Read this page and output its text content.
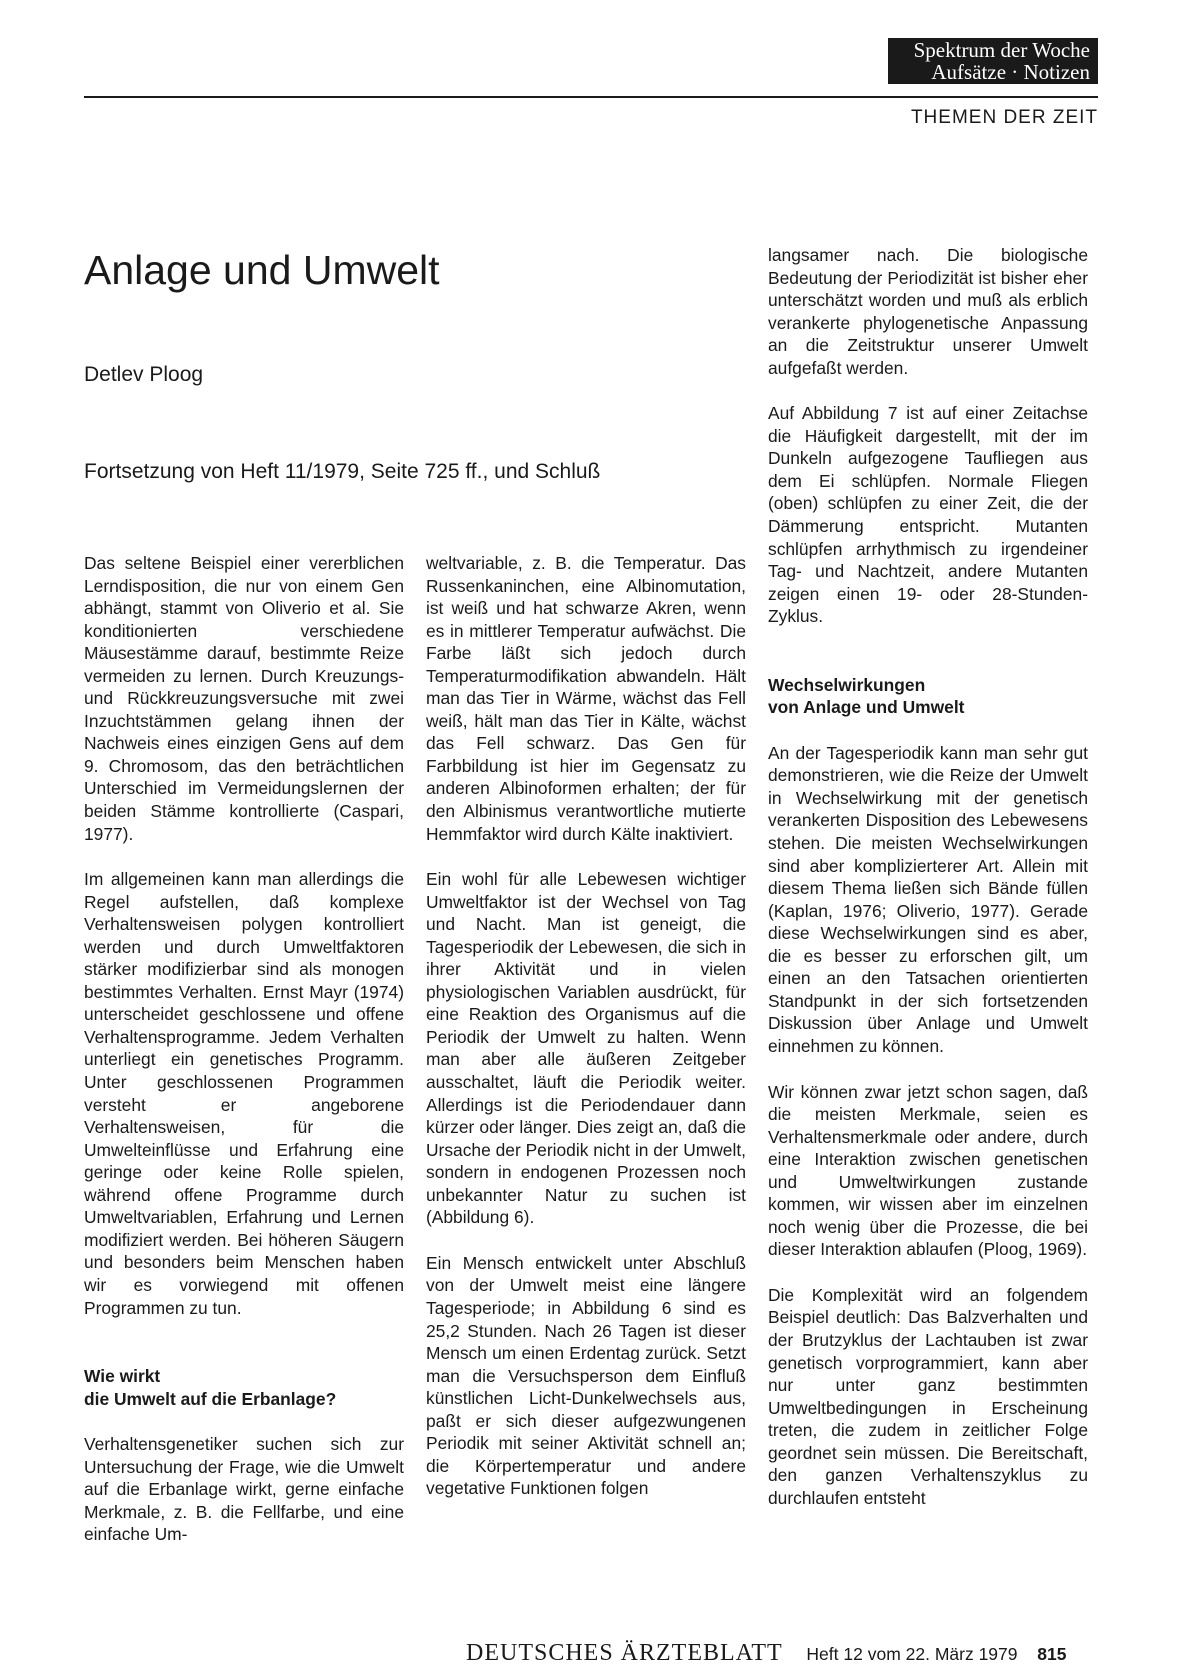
Spektrum der Woche
Aufsätze · Notizen
THEMEN DER ZEIT
Anlage und Umwelt
Detlev Ploog
Fortsetzung von Heft 11/1979, Seite 725 ff., und Schluß

Das seltene Beispiel einer vererblichen Lerndisposition, die nur von einem Gen abhängt, stammt von Oliverio et al. Sie konditionierten verschiedene Mäusestämme darauf, bestimmte Reize vermeiden zu lernen. Durch Kreuzungs- und Rückkreuzungsversuche mit zwei Inzuchtstämmen gelang ihnen der Nachweis eines einzigen Gens auf dem 9. Chromosom, das den beträchtlichen Unterschied im Vermeidungslernen der beiden Stämme kontrollierte (Caspari, 1977).

Im allgemeinen kann man allerdings die Regel aufstellen, daß komplexe Verhaltensweisen polygen kontrolliert werden und durch Umweltfaktoren stärker modifizierbar sind als monogen bestimmtes Verhalten. Ernst Mayr (1974) unterscheidet geschlossene und offene Verhaltensprogramme. Jedem Verhalten unterliegt ein genetisches Programm. Unter geschlossenen Programmen versteht er angeborene Verhaltensweisen, für die Umwelteinflüsse und Erfahrung eine geringe oder keine Rolle spielen, während offene Programme durch Umweltvariablen, Erfahrung und Lernen modifiziert werden. Bei höheren Säugern und besonders beim Menschen haben wir es vorwiegend mit offenen Programmen zu tun.

Wie wirkt
die Umwelt auf die Erbanlage?

Verhaltensgenetiker suchen sich zur Untersuchung der Frage, wie die Umwelt auf die Erbanlage wirkt, gerne einfache Merkmale, z. B. die Fellfarbe, und eine einfache Um-

weltvariable, z. B. die Temperatur. Das Russenkaninchen, eine Albinomutation, ist weiß und hat schwarze Akren, wenn es in mittlerer Temperatur aufwächst. Die Farbe läßt sich jedoch durch Temperaturmodifikation abwandeln. Hält man das Tier in Wärme, wächst das Fell weiß, hält man das Tier in Kälte, wächst das Fell schwarz. Das Gen für Farbbildung ist hier im Gegensatz zu anderen Albinoformen erhalten; der für den Albinismus verantwortliche mutierte Hemmfaktor wird durch Kälte inaktiviert.

Ein wohl für alle Lebewesen wichtiger Umweltfaktor ist der Wechsel von Tag und Nacht. Man ist geneigt, die Tagesperiodik der Lebewesen, die sich in ihrer Aktivität und in vielen physiologischen Variablen ausdrückt, für eine Reaktion des Organismus auf die Periodik der Umwelt zu halten. Wenn man aber alle äußeren Zeitgeber ausschaltet, läuft die Periodik weiter. Allerdings ist die Periodendauer dann kürzer oder länger. Dies zeigt an, daß die Ursache der Periodik nicht in der Umwelt, sondern in endogenen Prozessen noch unbekannter Natur zu suchen ist (Abbildung 6).

Ein Mensch entwickelt unter Abschluß von der Umwelt meist eine längere Tagesperiode; in Abbildung 6 sind es 25,2 Stunden. Nach 26 Tagen ist dieser Mensch um einen Erdentag zurück. Setzt man die Versuchsperson dem Einfluß künstlichen Licht-Dunkelwechsels aus, paßt er sich dieser aufgezwungenen Periodik mit seiner Aktivität schnell an; die Körpertemperatur und andere vegetative Funktionen folgen

langsamer nach. Die biologische Bedeutung der Periodizität ist bisher eher unterschätzt worden und muß als erblich verankerte phylogenetische Anpassung an die Zeitstruktur unserer Umwelt aufgefaßt werden.

Auf Abbildung 7 ist auf einer Zeitachse die Häufigkeit dargestellt, mit der im Dunkeln aufgezogene Taufliegen aus dem Ei schlüpfen. Normale Fliegen (oben) schlüpfen zu einer Zeit, die der Dämmerung entspricht. Mutanten schlüpfen arrhythmisch zu irgendeiner Tag- und Nachtzeit, andere Mutanten zeigen einen 19- oder 28-Stunden-Zyklus.

Wechselwirkungen
von Anlage und Umwelt

An der Tagesperiodik kann man sehr gut demonstrieren, wie die Reize der Umwelt in Wechselwirkung mit der genetisch verankerten Disposition des Lebewesens stehen. Die meisten Wechselwirkungen sind aber komplizierterer Art. Allein mit diesem Thema ließen sich Bände füllen (Kaplan, 1976; Oliverio, 1977). Gerade diese Wechselwirkungen sind es aber, die es besser zu erforschen gilt, um einen an den Tatsachen orientierten Standpunkt in der sich fortsetzenden Diskussion über Anlage und Umwelt einnehmen zu können.

Wir können zwar jetzt schon sagen, daß die meisten Merkmale, seien es Verhaltensmerkmale oder andere, durch eine Interaktion zwischen genetischen und Umweltwirkungen zustande kommen, wir wissen aber im einzelnen noch wenig über die Prozesse, die bei dieser Interaktion ablaufen (Ploog, 1969).

Die Komplexität wird an folgendem Beispiel deutlich: Das Balzverhalten und der Brutzyklus der Lachtauben ist zwar genetisch vorprogrammiert, kann aber nur unter ganz bestimmten Umweltbedingungen in Erscheinung treten, die zudem in zeitlicher Folge geordnet sein müssen. Die Bereitschaft, den ganzen Verhaltenszyklus zu durchlaufen entsteht

DEUTSCHES ÄRZTEBLATT Heft 12 vom 22. März 1979 815
